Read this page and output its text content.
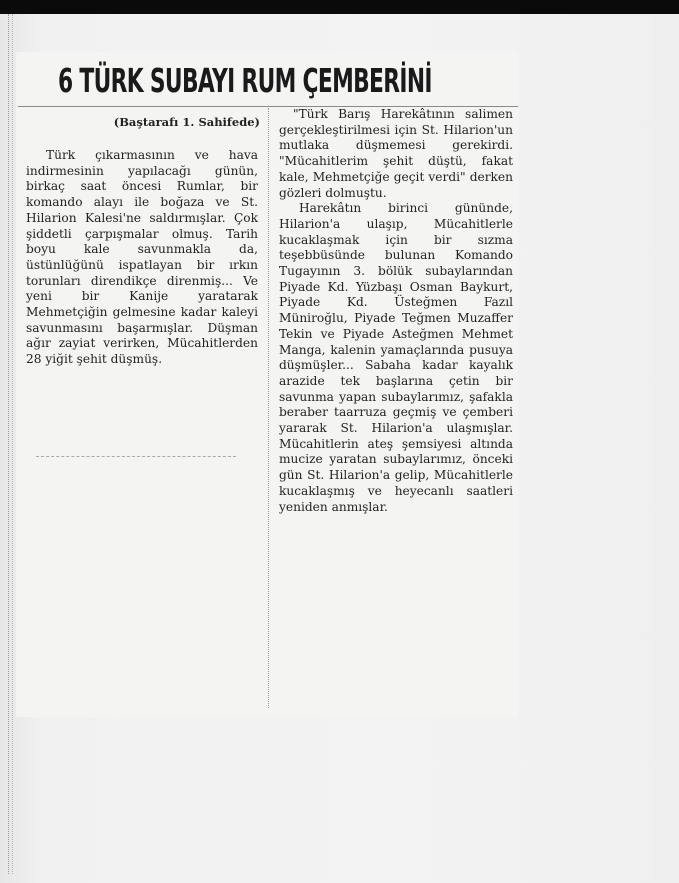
6 TÜRK SUBAYI RUM ÇEMBERİNİ
(Baştarafı 1. Sahifede)

Türk çıkarmasının ve hava indirmesinin yapılacağı günün, birkaç saat öncesi Rumlar, bir komando alayı ile boğaza ve St. Hilarion Kalesi'ne saldırmışlar. Çok şiddetli çarpışmalar olmuş. Tarih boyu kale savunmakla da, üstünlüğünü ispatlayan bir ırkın torunları direndikçe direnmiş... Ve yeni bir Kanije yaratarak Mehmetçiğin gelmesine kadar kaleyi savunmasını başarmışlar. Düşman ağır zayiat verirken, Mücahitlerden 28 yiğit şehit düşmüş.

"Türk Barış Harekâtının salimen gerçekleştirilmesi için St. Hilarion'un mutlaka düşmemesi gerekirdi. "Mücahitlerim şehit düştü, fakat kale, Mehmetçiğe geçit verdi" derken gözleri dolmuştu.

Harekâtın birinci gününde, Hilarion'a ulaşıp, Mücahitlerle kucaklaşmak için bir sızma teşebbüsünde bulunan Komando Tugayının 3. bölük subaylarından Piyade Kd. Yüzbaşı Osman Baykurt, Piyade Kd. Üsteğmen Fazıl Müniroğlu, Piyade Teğmen Muzaffer Tekin ve Piyade Asteğmen Mehmet Manga, kalenin yamaçlarında pusuya düşmüşler... Sabaha kadar kayalık arazide tek başlarına çetin bir savunma yapan subaylarımız, şafakla beraber taarruza geçmiş ve çemberi yararak St. Hilarion'a ulaşmışlar. Mücahitlerin ateş şemsiyesi altında mucize yaratan subaylarımız, önceki gün St. Hilarion'a gelip, Mücahitlerle kucaklaşmış ve heyecanlı saatleri yeniden anmışlar.
